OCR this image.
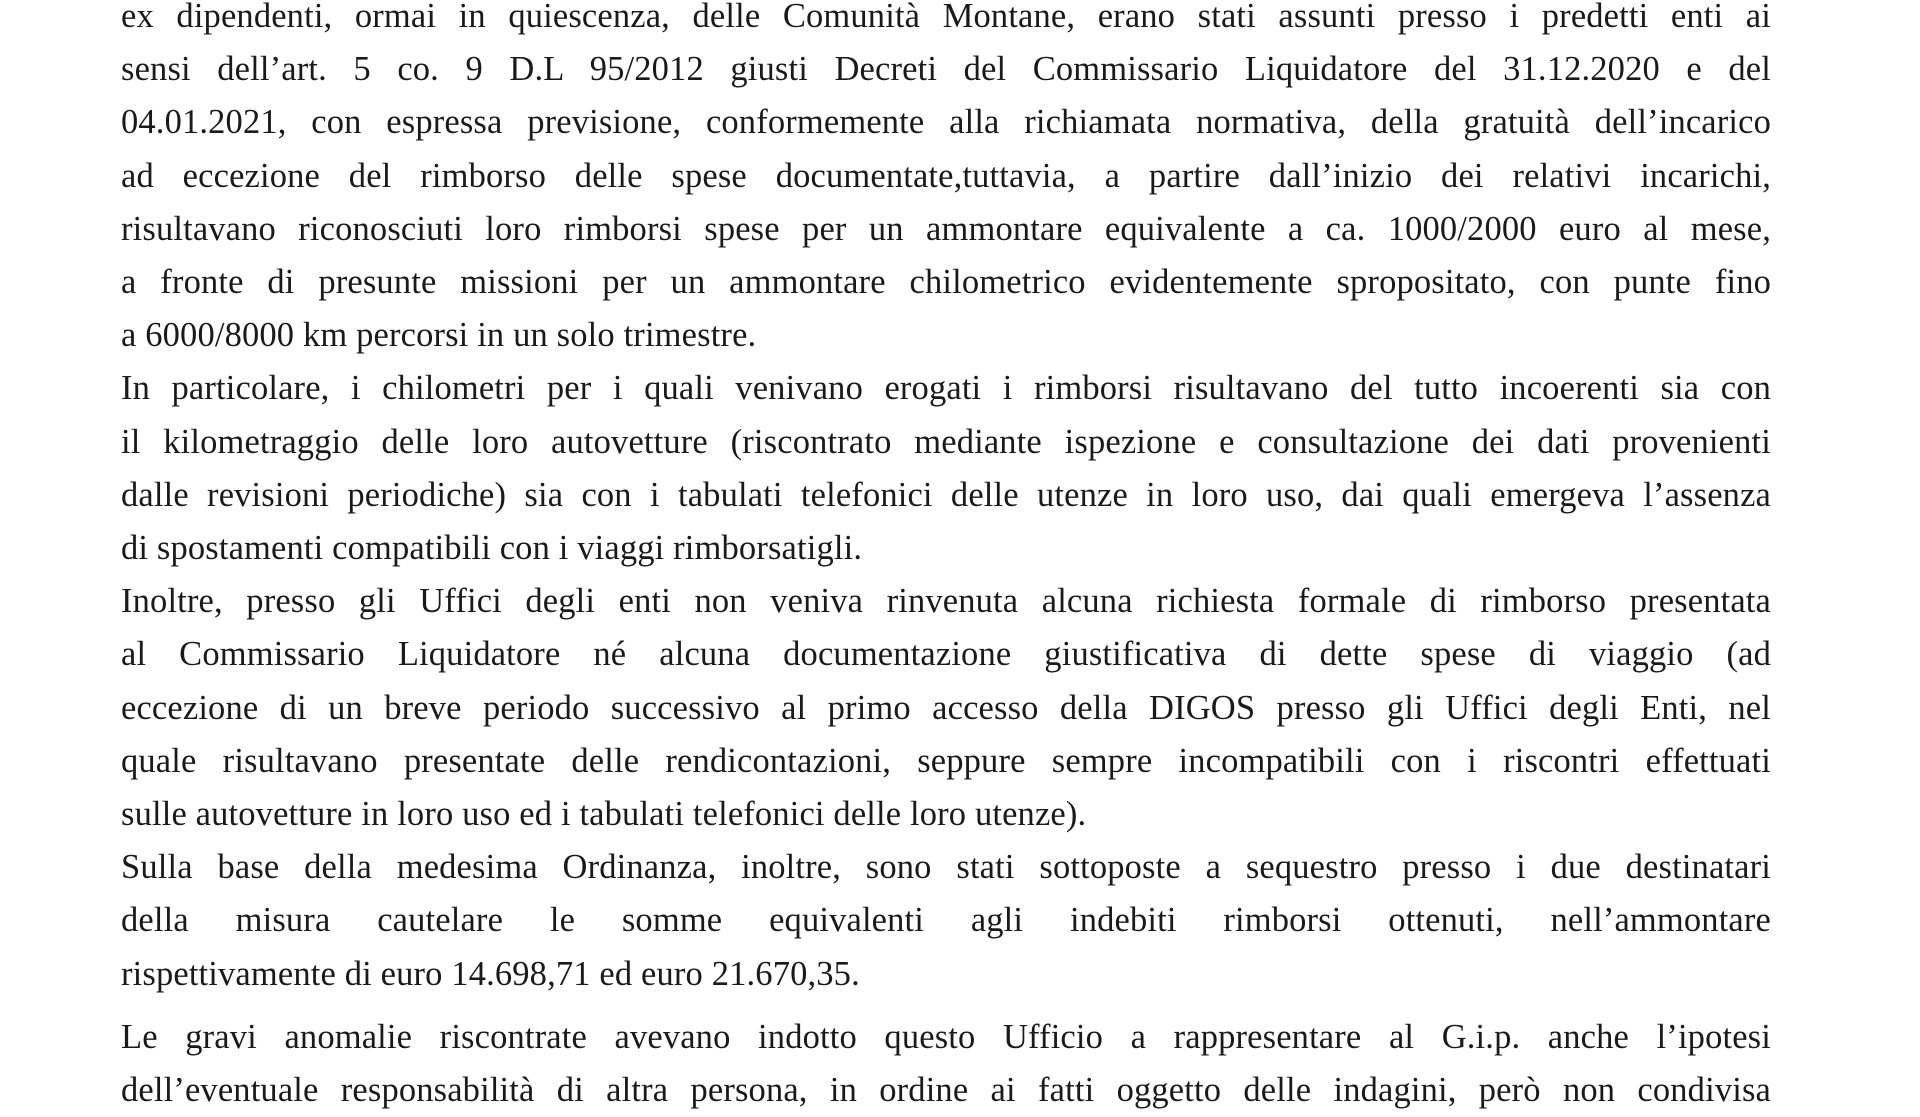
ex dipendenti, ormai in quiescenza, delle Comunità Montane, erano stati assunti presso i predetti enti ai
sensi dell’art. 5 co. 9 D.L 95/2012 giusti Decreti del Commissario Liquidatore del 31.12.2020 e del
04.01.2021, con espressa previsione, conformemente alla richiamata normativa, della gratuità dell’incarico
ad eccezione del rimborso delle spese documentate,tuttavia, a partire dall’inizio dei relativi incarichi,
risultavano riconosciuti loro rimborsi spese per un ammontare equivalente a ca. 1000/2000 euro al mese,
a fronte di presunte missioni per un ammontare chilometrico evidentemente spropositato, con punte fino
a 6000/8000 km percorsi in un solo trimestre.
In particolare, i chilometri per i quali venivano erogati i rimborsi risultavano del tutto incoerenti sia con
il kilometraggio delle loro autovetture (riscontrato mediante ispezione e consultazione dei dati provenienti
dalle revisioni periodiche) sia con i tabulati telefonici delle utenze in loro uso, dai quali emergeva l’assenza
di spostamenti compatibili con i viaggi rimborsatigli.
Inoltre, presso gli Uffici degli enti non veniva rinvenuta alcuna richiesta formale di rimborso presentata
al Commissario Liquidatore né alcuna documentazione giustificativa di dette spese di viaggio (ad
eccezione di un breve periodo successivo al primo accesso della DIGOS presso gli Uffici degli Enti, nel
quale risultavano presentate delle rendicontazioni, seppure sempre incompatibili con i riscontri effettuati
sulle autovetture in loro uso ed i tabulati telefonici delle loro utenze).
Sulla base della medesima Ordinanza, inoltre, sono stati sottoposte a sequestro presso i due destinatari
della misura cautelare le somme equivalenti agli indebiti rimborsi ottenuti, nell’ammontare
rispettivamente di euro 14.698,71 ed euro 21.670,35.
Le gravi anomalie riscontrate avevano indotto questo Ufficio a rappresentare al G.i.p. anche l’ipotesi
dell’eventuale responsabilità di altra persona, in ordine ai fatti oggetto delle indagini, però non condivisa
